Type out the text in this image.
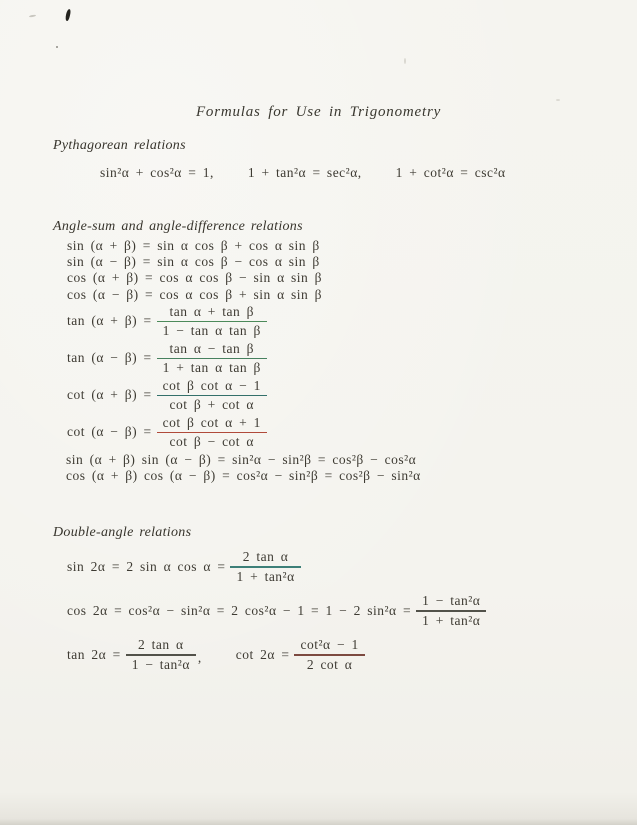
Formulas for Use in Trigonometry
Pythagorean relations
sin²α + cos²α = 1,	1 + tan²α = sec²α,	1 + cot²α = csc²α
Angle-sum and angle-difference relations
sin (α + β) = sin α cos β + cos α sin β
sin (α − β) = sin α cos β − cos α sin β
cos (α + β) = cos α cos β − sin α sin β
cos (α − β) = cos α cos β + sin α sin β
$\tan (\alpha + \beta) = \frac{\text{tan α + tan β}}{\text{1 − tan α tan β}}$
$\tan (\alpha - \beta) = \frac{\text{tan α − tan β}}{\text{1 + tan α tan β}}$
$\cot (\alpha + \beta) = \frac{\text{cot β cot α − 1}}{\text{cot β + cot α}}$
$\cot (\alpha - \beta) = \frac{\text{cot β cot α + 1}}{\text{cot β − cot α}}$
sin (α + β) sin (α − β) = sin²α − sin²β = cos²β − cos²α
cos (α + β) cos (α − β) = cos²α − sin²β = cos²β − sin²α
Double-angle relations
sin 2α = 2 sin α $\cos \alpha = \frac{\text{2 tan α}}{\text{1 + tan²α}}$
cos 2α = cos²α − sin²α = 2 cos²α − 1 = 1 − 2 $\sin^2\alpha = \frac{\text{1 − tan²α}}{\text{1 + tan²α}}$
$\tan 2\alpha = \frac{\text{2 tan α}}{\text{1 − tan²α}}$ ,	$\cot 2\alpha = \frac{\text{cot²α − 1}}{\text{2 cot α}}$
